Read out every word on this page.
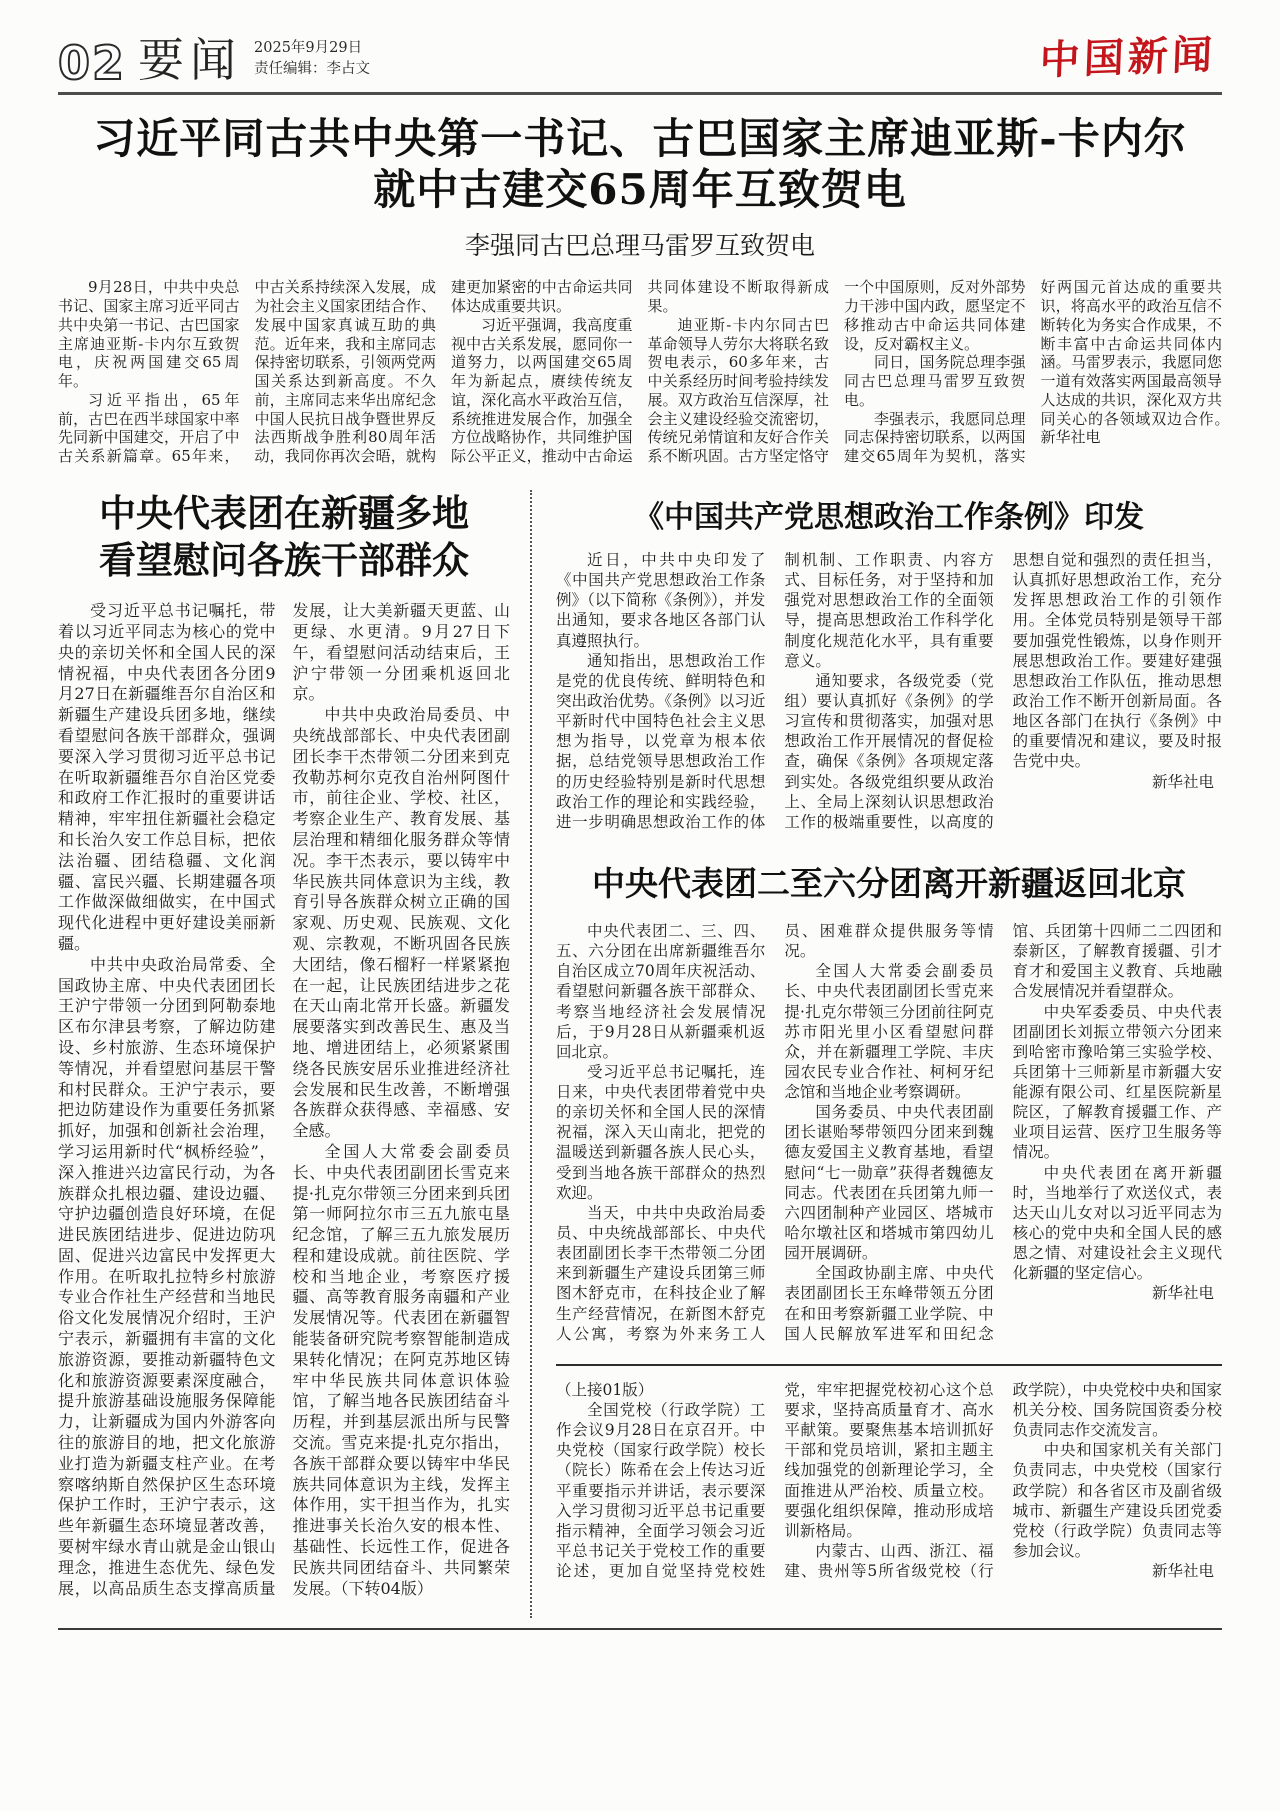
02 要闻 2025年9月29日
责任编辑：李占文	中国新闻
习近平同古共中央第一书记、古巴国家主席迪亚斯-卡内尔
就中古建交65周年互致贺电
李强同古巴总理马雷罗互致贺电

9月28日，中共中央总书记、国家主席习近平同古共中央第一书记、古巴国家主席迪亚斯-卡内尔互致贺电，庆祝两国建交65周年。

习近平指出，65年前，古巴在西半球国家中率先同新中国建交，开启了中古关系新篇章。65年来，中古关系持续深入发展，成为社会主义国家团结合作、发展中国家真诚互助的典范。近年来，我和主席同志保持密切联系，引领两党两国关系达到新高度。不久前，主席同志来华出席纪念中国人民抗日战争暨世界反法西斯战争胜利80周年活动，我同你再次会晤，就构建更加紧密的中古命运共同体达成重要共识。

习近平强调，我高度重视中古关系发展，愿同你一道努力，以两国建交65周年为新起点，赓续传统友谊，深化高水平政治互信，系统推进发展合作，加强全方位战略协作，共同维护国际公平正义，推动中古命运共同体建设不断取得新成果。

迪亚斯-卡内尔同古巴革命领导人劳尔大将联名致贺电表示，60多年来，古中关系经历时间考验持续发展。双方政治互信深厚，社会主义建设经验交流密切，传统兄弟情谊和友好合作关系不断巩固。古方坚定恪守一个中国原则，反对外部势力干涉中国内政，愿坚定不移推动古中命运共同体建设，反对霸权主义。

同日，国务院总理李强同古巴总理马雷罗互致贺电。

李强表示，我愿同总理同志保持密切联系，以两国建交65周年为契机，落实好两国元首达成的重要共识，将高水平的政治互信不断转化为务实合作成果，不断丰富中古命运共同体内涵。马雷罗表示，我愿同您一道有效落实两国最高领导人达成的共识，深化双方共同关心的各领域双边合作。　　新华社电

中央代表团在新疆多地
看望慰问各族干部群众

受习近平总书记嘱托，带着以习近平同志为核心的党中央的亲切关怀和全国人民的深情祝福，中央代表团各分团9月27日在新疆维吾尔自治区和新疆生产建设兵团多地，继续看望慰问各族干部群众，强调要深入学习贯彻习近平总书记在听取新疆维吾尔自治区党委和政府工作汇报时的重要讲话精神，牢牢扭住新疆社会稳定和长治久安工作总目标，把依法治疆、团结稳疆、文化润疆、富民兴疆、长期建疆各项工作做深做细做实，在中国式现代化进程中更好建设美丽新疆。

中共中央政治局常委、全国政协主席、中央代表团团长王沪宁带领一分团到阿勒泰地区布尔津县考察，了解边防建设、乡村旅游、生态环境保护等情况，并看望慰问基层干警和村民群众。王沪宁表示，要把边防建设作为重要任务抓紧抓好，加强和创新社会治理，学习运用新时代“枫桥经验”，深入推进兴边富民行动，为各族群众扎根边疆、建设边疆、守护边疆创造良好环境，在促进民族团结进步、促进边防巩固、促进兴边富民中发挥更大作用。在听取扎拉特乡村旅游专业合作社生产经营和当地民俗文化发展情况介绍时，王沪宁表示，新疆拥有丰富的文化旅游资源，要推动新疆特色文化和旅游资源要素深度融合，提升旅游基础设施服务保障能力，让新疆成为国内外游客向往的旅游目的地，把文化旅游业打造为新疆支柱产业。在考察喀纳斯自然保护区生态环境保护工作时，王沪宁表示，这些年新疆生态环境显著改善，要树牢绿水青山就是金山银山理念，推进生态优先、绿色发展，以高品质生态支撑高质量发展，让大美新疆天更蓝、山更绿、水更清。9月27日下午，看望慰问活动结束后，王沪宁带领一分团乘机返回北京。

中共中央政治局委员、中央统战部部长、中央代表团副团长李干杰带领二分团来到克孜勒苏柯尔克孜自治州阿图什市，前往企业、学校、社区，考察企业生产、教育发展、基层治理和精细化服务群众等情况。李干杰表示，要以铸牢中华民族共同体意识为主线，教育引导各族群众树立正确的国家观、历史观、民族观、文化观、宗教观，不断巩固各民族大团结，像石榴籽一样紧紧抱在一起，让民族团结进步之花在天山南北常开长盛。新疆发展要落实到改善民生、惠及当地、增进团结上，必须紧紧围绕各民族安居乐业推进经济社会发展和民生改善，不断增强各族群众获得感、幸福感、安全感。

全国人大常委会副委员长、中央代表团副团长雪克来提·扎克尔带领三分团来到兵团第一师阿拉尔市三五九旅屯垦纪念馆，了解三五九旅发展历程和建设成就。前往医院、学校和当地企业，考察医疗援疆、高等教育服务南疆和产业发展情况等。代表团在新疆智能装备研究院考察智能制造成果转化情况；在阿克苏地区铸牢中华民族共同体意识体验馆，了解当地各民族团结奋斗历程，并到基层派出所与民警交流。雪克来提·扎克尔指出，各族干部群众要以铸牢中华民族共同体意识为主线，发挥主体作用，实干担当作为，扎实推进事关长治久安的根本性、基础性、长远性工作，促进各民族共同团结奋斗、共同繁荣发展。（下转04版）

《中国共产党思想政治工作条例》印发

近日，中共中央印发了《中国共产党思想政治工作条例》（以下简称《条例》），并发出通知，要求各地区各部门认真遵照执行。

通知指出，思想政治工作是党的优良传统、鲜明特色和突出政治优势。《条例》以习近平新时代中国特色社会主义思想为指导，以党章为根本依据，总结党领导思想政治工作的历史经验特别是新时代思想政治工作的理论和实践经验，进一步明确思想政治工作的体制机制、工作职责、内容方式、目标任务，对于坚持和加强党对思想政治工作的全面领导，提高思想政治工作科学化制度化规范化水平，具有重要意义。

通知要求，各级党委（党组）要认真抓好《条例》的学习宣传和贯彻落实，加强对思想政治工作开展情况的督促检查，确保《条例》各项规定落到实处。各级党组织要从政治上、全局上深刻认识思想政治工作的极端重要性，以高度的思想自觉和强烈的责任担当，认真抓好思想政治工作，充分发挥思想政治工作的引领作用。全体党员特别是领导干部要加强党性锻炼，以身作则开展思想政治工作。要建好建强思想政治工作队伍，推动思想政治工作不断开创新局面。各地区各部门在执行《条例》中的重要情况和建议，要及时报告党中央。

新华社电

中央代表团二至六分团离开新疆返回北京

中央代表团二、三、四、五、六分团在出席新疆维吾尔自治区成立70周年庆祝活动、看望慰问新疆各族干部群众、考察当地经济社会发展情况后，于9月28日从新疆乘机返回北京。

受习近平总书记嘱托，连日来，中央代表团带着党中央的亲切关怀和全国人民的深情祝福，深入天山南北，把党的温暖送到新疆各族人民心头，受到当地各族干部群众的热烈欢迎。

当天，中共中央政治局委员、中央统战部部长、中央代表团副团长李干杰带领二分团来到新疆生产建设兵团第三师图木舒克市，在科技企业了解生产经营情况，在新图木舒克人公寓，考察为外来务工人员、困难群众提供服务等情况。

全国人大常委会副委员长、中央代表团副团长雪克来提·扎克尔带领三分团前往阿克苏市阳光里小区看望慰问群众，并在新疆理工学院、丰庆园农民专业合作社、柯柯牙纪念馆和当地企业考察调研。

国务委员、中央代表团副团长谌贻琴带领四分团来到魏德友爱国主义教育基地，看望慰问“七一勋章”获得者魏德友同志。代表团在兵团第九师一六四团制种产业园区、塔城市哈尔墩社区和塔城市第四幼儿园开展调研。

全国政协副主席、中央代表团副团长王东峰带领五分团在和田考察新疆工业学院、中国人民解放军进军和田纪念馆、兵团第十四师二二四团和泰新区，了解教育援疆、引才育才和爱国主义教育、兵地融合发展情况并看望群众。

中央军委委员、中央代表团副团长刘振立带领六分团来到哈密市豫哈第三实验学校、兵团第十三师新星市新疆大安能源有限公司、红星医院新星院区，了解教育援疆工作、产业项目运营、医疗卫生服务等情况。

中央代表团在离开新疆时，当地举行了欢送仪式，表达天山儿女对以习近平同志为核心的党中央和全国人民的感恩之情、对建设社会主义现代化新疆的坚定信心。

新华社电

（上接01版）

全国党校（行政学院）工作会议9月28日在京召开。中央党校（国家行政学院）校长（院长）陈希在会上传达习近平重要指示并讲话，表示要深入学习贯彻习近平总书记重要指示精神，全面学习领会习近平总书记关于党校工作的重要论述，更加自觉坚持党校姓党，牢牢把握党校初心这个总要求，坚持高质量育才、高水平献策。要聚焦基本培训抓好干部和党员培训，紧扣主题主线加强党的创新理论学习，全面推进从严治校、质量立校。要强化组织保障，推动形成培训新格局。

内蒙古、山西、浙江、福建、贵州等5所省级党校（行政学院），中央党校中央和国家机关分校、国务院国资委分校负责同志作交流发言。

中央和国家机关有关部门负责同志，中央党校（国家行政学院）和各省区市及副省级城市、新疆生产建设兵团党委党校（行政学院）负责同志等参加会议。

新华社电
